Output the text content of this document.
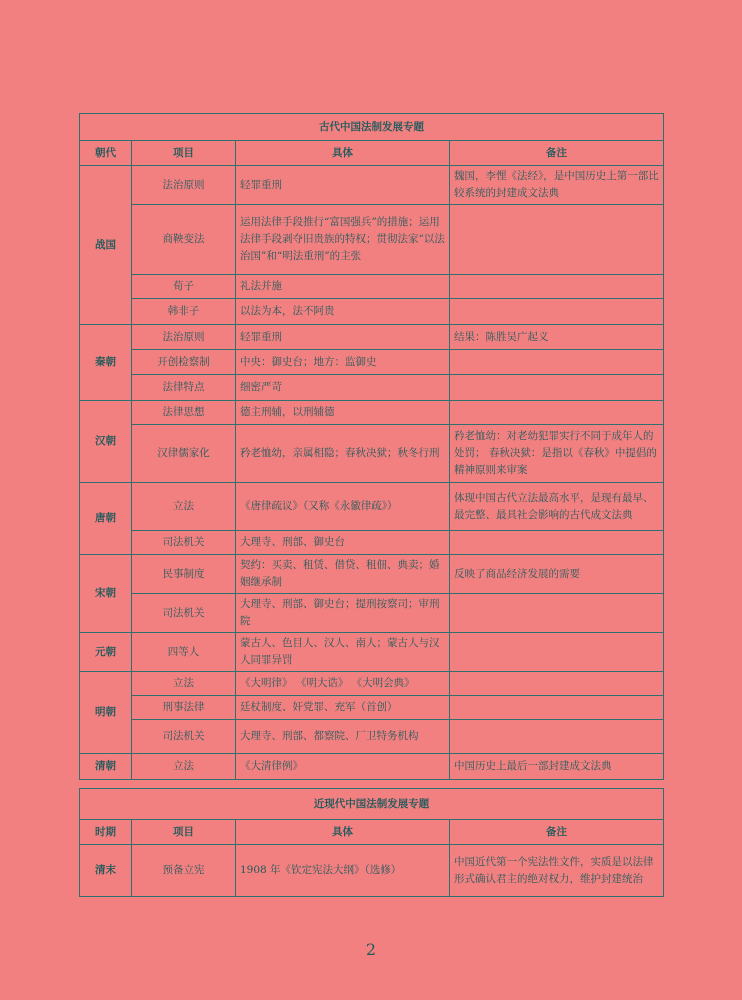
古代中国法制发展专题			
朝代	项目	具体	备注
战国	法治原则	轻罪重刑	魏国，李悝《法经》，是中国历史上第一部比较系统的封建成文法典
	商鞅变法	运用法律手段推行“富国强兵”的措施；运用法律手段剥夺旧贵族的特权；贯彻法家“以法治国”和“明法重刑”的主张	
	荀子	礼法并施	
	韩非子	以法为本，法不阿贵	
秦朝	法治原则	轻罪重刑	结果：陈胜吴广起义
	开创检察制	中央：御史台；地方：监御史	
	法律特点	细密严苛	
汉朝	法律思想	德主刑辅，以刑辅德	
	汉律儒家化	矜老恤幼，亲属相隐；春秋决狱；秋冬行刑	矜老恤幼：对老幼犯罪实行不同于成年人的处罚； 春秋决狱：是指以《春秋》中提倡的精神原则来审案
唐朝	立法	《唐律疏议》（又称《永徽律疏》）	体现中国古代立法最高水平，是现有最早、最完整、最具社会影响的古代成文法典
	司法机关	大理寺、刑部、御史台	
宋朝	民事制度	契约：买卖、租赁、借贷、租佃、典卖；婚姻继承制	反映了商品经济发展的需要
	司法机关	大理寺、刑部、御史台；提刑按察司；审刑院	
元朝	四等人	蒙古人、色目人、汉人、南人；蒙古人与汉人同罪异罚	
明朝	立法	《大明律》 《明大诰》 《大明会典》	
	刑事法律	廷杖制度、奸党罪、充军（首创）	
	司法机关	大理寺、刑部、都察院、厂卫特务机构	
清朝	立法	《大清律例》	中国历史上最后一部封建成文法典
近现代中国法制发展专题			
时期	项目	具体	备注
清末	预备立宪	1908 年《钦定宪法大纲》（选修）	中国近代第一个宪法性文件，实质是以法律形式确认君主的绝对权力，维护封建统治
2
